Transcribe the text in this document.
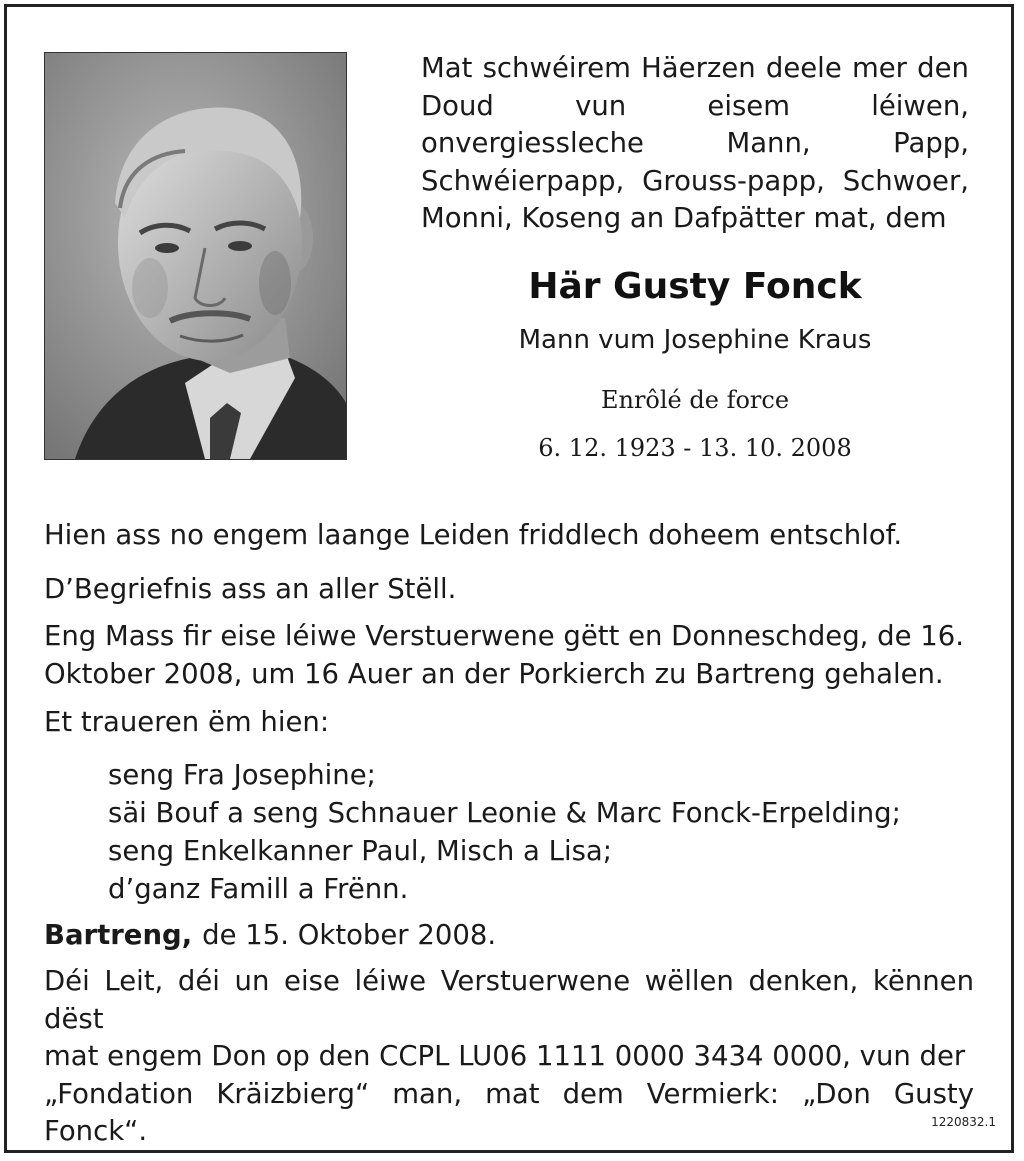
Mat schwéirem Häerzen deele mer den Doud vun eisem léiwen, onvergiessleche Mann, Papp, Schwéierpapp, Grouss-papp, Schwoer, Monni, Koseng an Dafpätter mat, dem
Här Gusty Fonck
Mann vum Josephine Kraus
Enrôlé de force
6. 12. 1923 - 13. 10. 2008
Hien ass no engem laange Leiden friddlech doheem entschlof.
D’Begriefnis ass an aller Stëll.
Eng Mass fir eise léiwe Verstuerwene gëtt en Donneschdeg, de 16.
Oktober 2008, um 16 Auer an der Porkierch zu Bartreng gehalen.
Et traueren ëm hien:
seng Fra Josephine;
säi Bouf a seng Schnauer Leonie & Marc Fonck-Erpelding;
seng Enkelkanner Paul, Misch a Lisa;
d’ganz Famill a Frënn.
Bartreng, de 15. Oktober 2008.
Déi Leit, déi un eise léiwe Verstuerwene wëllen denken, kënnen dëst
mat engem Don op den CCPL LU06 1111 0000 3434 0000, vun der
„Fondation Kräizbierg“ man, mat dem Vermierk: „Don Gusty Fonck“.	1220832.1
